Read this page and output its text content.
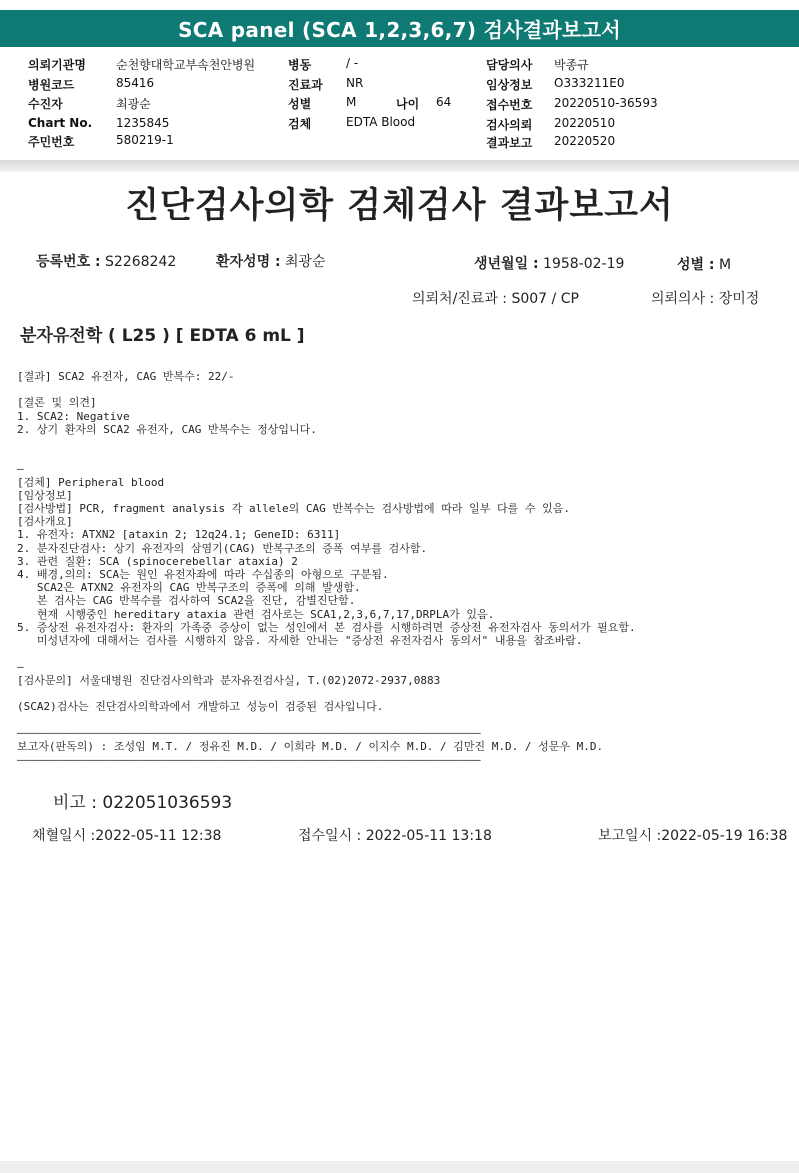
SCA panel (SCA 1,2,3,6,7) 검사결과보고서
의뢰기관명	순천향대학교부속천안병원
병원코드	85416
수진자	최광순
Chart No. 1235845
주민번호	580219-1
병동	/ -
진료과 NR
성별	M	나이 64
검체	EDTA Blood
담당의사 박종규
임상정보 O333211E0
접수번호 20220510-36593
검사의뢰 20220510
결과보고 20220520
진단검사의학 검체검사 결과보고서
등록번호 : S2268242	환자성명 : 최광순	생년월일 : 1958-02-19	성별 : M
의뢰처/진료과 : S007 / CP	의뢰의사 : 장미정
분자유전학 ( L25 ) [ EDTA 6 mL ]
[결과] SCA2 유전자, CAG 반복수: 22/-

[결론 및 의견]
1. SCA2: Negative
2. 상기 환자의 SCA2 유전자, CAG 반복수는 정상입니다.

—
[검체] Peripheral blood
[임상정보]
[검사방법] PCR, fragment analysis 각 allele의 CAG 반복수는 검사방법에 따라 일부 다를 수 있음.
[검사개요]
1. 유전자: ATXN2 [ataxin 2; 12q24.1; GeneID: 6311]
2. 분자진단검사: 상기 유전자의 삼염기(CAG) 반복구조의 증폭 여부를 검사함.
3. 관련 질환: SCA (spinocerebellar ataxia) 2
4. 배경,의의: SCA는 원인 유전자좌에 따라 수십종의 아형으로 구분됨.
SCA2은 ATXN2 유전자의 CAG 반복구조의 증폭에 의해 발생함.
본 검사는 CAG 반복수를 검사하여 SCA2을 진단, 감별진단함.
현재 시행중인 hereditary ataxia 관련 검사로는 SCA1,2,3,6,7,17,DRPLA가 있음.
5. 증상전 유전자검사: 환자의 가족중 증상이 없는 성인에서 본 검사를 시행하려면 증상전 유전자검사 동의서가 필요함.
미성년자에 대해서는 검사를 시행하지 않음. 자세한 안내는 "증상전 유전자검사 동의서" 내용을 참조바람.

—
[검사문의] 서울대병원 진단검사의학과 분자유전검사실, T.(02)2072-2937,0883

(SCA2)검사는 진단검사의학과에서 개발하고 성능이 검증된 검사입니다.

——————————————————————————————————————————————————————————————————————
보고자(판독의) : 조성임 M.T. / 정유진 M.D. / 이희라 M.D. / 이지수 M.D. / 김만진 M.D. / 성문우 M.D.
——————————————————————————————————————————————————————————————————————
비고 : 022051036593
채혈일시 :2022-05-11 12:38	접수일시 : 2022-05-11 13:18	보고일시 :2022-05-19 16:38
